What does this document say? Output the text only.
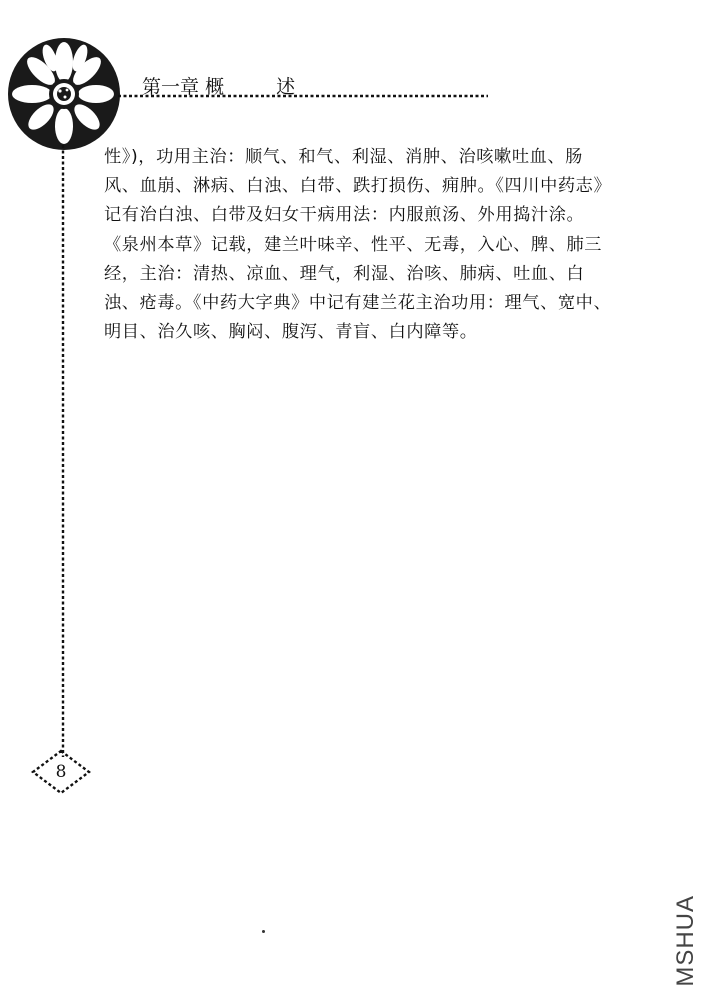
第一章 概	述
8
性》)，功用主治：顺气、和气、利湿、消肿、治咳嗽吐血、肠
风、血崩、淋病、白浊、白带、跌打损伤、痈肿。《四川中药志》
记有治白浊、白带及妇女干病用法：内服煎汤、外用捣汁涂。
《泉州本草》记载，建兰叶味辛、性平、无毒，入心、脾、肺三
经，主治：清热、凉血、理气，利湿、治咳、肺病、吐血、白
浊、疮毒。《中药大字典》中记有建兰花主治功用：理气、宽中、
明目、治久咳、胸闷、腹泻、青盲、白内障等。
MSHUA
